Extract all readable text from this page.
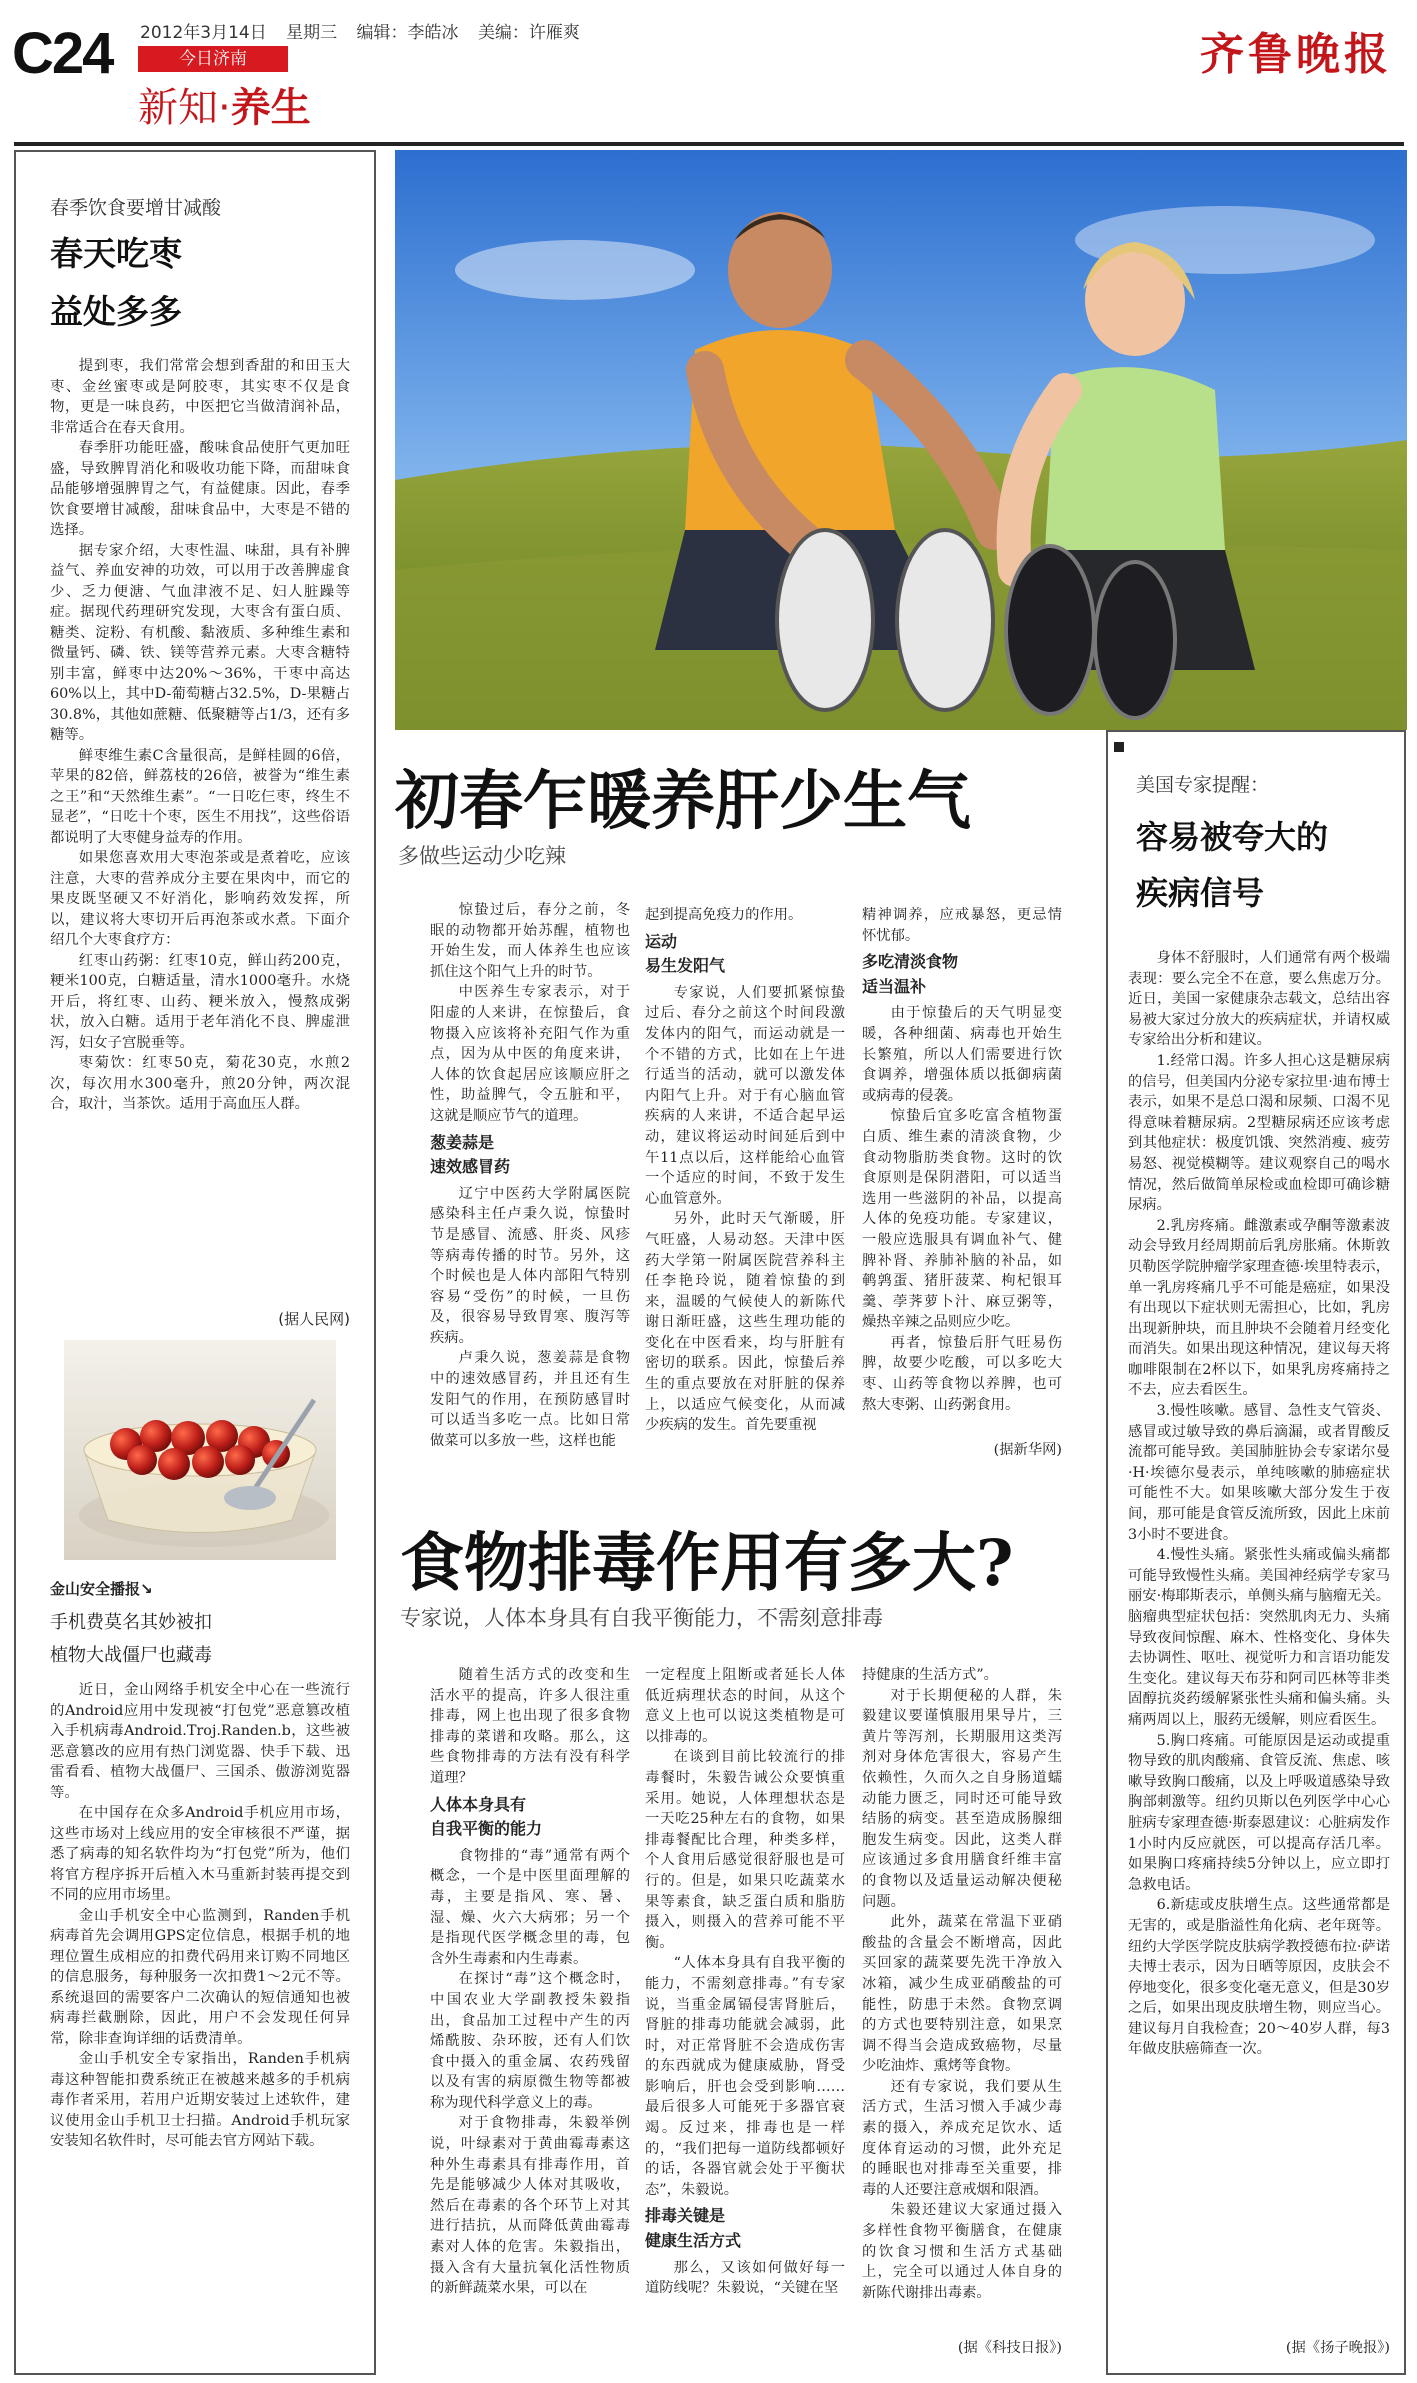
C24 2012年3月14日 星期三 编辑：李皓冰 美编：许雁爽
今日济南
新知·养生
齐鲁晚报
春季饮食要增甘减酸
春天吃枣
益处多多

提到枣，我们常常会想到香甜的和田玉大枣、金丝蜜枣或是阿胶枣，其实枣不仅是食物，更是一味良药，中医把它当做清润补品，非常适合在春天食用。

春季肝功能旺盛，酸味食品使肝气更加旺盛，导致脾胃消化和吸收功能下降，而甜味食品能够增强脾胃之气，有益健康。因此，春季饮食要增甘减酸，甜味食品中，大枣是不错的选择。

据专家介绍，大枣性温、味甜，具有补脾益气、养血安神的功效，可以用于改善脾虚食少、乏力便溏、气血津液不足、妇人脏躁等症。据现代药理研究发现，大枣含有蛋白质、糖类、淀粉、有机酸、黏液质、多种维生素和微量钙、磷、铁、镁等营养元素。大枣含糖特别丰富，鲜枣中达20%～36%，干枣中高达60%以上，其中D-葡萄糖占32.5%，D-果糖占30.8%，其他如蔗糖、低聚糖等占1/3，还有多糖等。

鲜枣维生素C含量很高，是鲜桂圆的6倍，苹果的82倍，鲜荔枝的26倍，被誉为“维生素之王”和“天然维生素”。“一日吃仨枣，终生不显老”，“日吃十个枣，医生不用找”，这些俗语都说明了大枣健身益寿的作用。

如果您喜欢用大枣泡茶或是煮着吃，应该注意，大枣的营养成分主要在果肉中，而它的果皮既坚硬又不好消化，影响药效发挥，所以，建议将大枣切开后再泡茶或水煮。下面介绍几个大枣食疗方：

红枣山药粥：红枣10克，鲜山药200克，粳米100克，白糖适量，清水1000毫升。水烧开后，将红枣、山药、粳米放入，慢熬成粥状，放入白糖。适用于老年消化不良、脾虚泄泻，妇女子宫脱垂等。

枣菊饮：红枣50克，菊花30克，水煎2次，每次用水300毫升，煎20分钟，两次混合，取汁，当茶饮。适用于高血压人群。

(据人民网)
金山安全播报↘
手机费莫名其妙被扣
植物大战僵尸也藏毒

近日，金山网络手机安全中心在一些流行的Android应用中发现被“打包党”恶意篡改植入手机病毒Android.Troj.Randen.b，这些被恶意篡改的应用有热门浏览器、快手下载、迅雷看看、植物大战僵尸、三国杀、傲游浏览器等。

在中国存在众多Android手机应用市场，这些市场对上线应用的安全审核很不严谨，据悉了病毒的知名软件均为“打包党”所为，他们将官方程序拆开后植入木马重新封装再提交到不同的应用市场里。

金山手机安全中心监测到，Randen手机病毒首先会调用GPS定位信息，根据手机的地理位置生成相应的扣费代码用来订购不同地区的信息服务，每种服务一次扣费1～2元不等。系统退回的需要客户二次确认的短信通知也被病毒拦截删除，因此，用户不会发现任何异常，除非查询详细的话费清单。

金山手机安全专家指出，Randen手机病毒这种智能扣费系统正在被越来越多的手机病毒作者采用，若用户近期安装过上述软件，建议使用金山手机卫士扫描。Android手机玩家安装知名软件时，尽可能去官方网站下载。

初春乍暖养肝少生气
多做些运动少吃辣

惊蛰过后，春分之前，冬眠的动物都开始苏醒，植物也开始生发，而人体养生也应该抓住这个阳气上升的时节。

中医养生专家表示，对于阳虚的人来讲，在惊蛰后，食物摄入应该将补充阳气作为重点，因为从中医的角度来讲，人体的饮食起居应该顺应肝之性，助益脾气，令五脏和平，这就是顺应节气的道理。

葱姜蒜是

速效感冒药

辽宁中医药大学附属医院感染科主任卢秉久说，惊蛰时节是感冒、流感、肝炎、风疹等病毒传播的时节。另外，这个时候也是人体内部阳气特别容易“受伤”的时候，一旦伤及，很容易导致胃寒、腹泻等疾病。

卢秉久说，葱姜蒜是食物中的速效感冒药，并且还有生发阳气的作用，在预防感冒时可以适当多吃一点。比如日常做菜可以多放一些，这样也能

起到提高免疫力的作用。

运动

易生发阳气

专家说，人们要抓紧惊蛰过后、春分之前这个时间段激发体内的阳气，而运动就是一个不错的方式，比如在上午进行适当的活动，就可以激发体内阳气上升。对于有心脑血管疾病的人来讲，不适合起早运动，建议将运动时间延后到中午11点以后，这样能给心血管一个适应的时间，不致于发生心血管意外。

另外，此时天气渐暖，肝气旺盛，人易动怒。天津中医药大学第一附属医院营养科主任李艳玲说，随着惊蛰的到来，温暖的气候使人的新陈代谢日渐旺盛，这些生理功能的变化在中医看来，均与肝脏有密切的联系。因此，惊蛰后养生的重点要放在对肝脏的保养上，以适应气候变化，从而减少疾病的发生。首先要重视

精神调养，应戒暴怒，更忌情怀忧郁。

多吃清淡食物

适当温补

由于惊蛰后的天气明显变暖，各种细菌、病毒也开始生长繁殖，所以人们需要进行饮食调养，增强体质以抵御病菌或病毒的侵袭。

惊蛰后宜多吃富含植物蛋白质、维生素的清淡食物，少食动物脂肪类食物。这时的饮食原则是保阴潜阳，可以适当选用一些滋阴的补品，以提高人体的免疫功能。专家建议，一般应选服具有调血补气、健脾补肾、养肺补脑的补品，如鹌鹑蛋、猪肝菠菜、枸杞银耳羹、荸荠萝卜汁、麻豆粥等，燥热辛辣之品则应少吃。

再者，惊蛰后肝气旺易伤脾，故要少吃酸，可以多吃大枣、山药等食物以养脾，也可熬大枣粥、山药粥食用。

(据新华网)
食物排毒作用有多大?
专家说，人体本身具有自我平衡能力，不需刻意排毒

随着生活方式的改变和生活水平的提高，许多人很注重排毒，网上也出现了很多食物排毒的菜谱和攻略。那么，这些食物排毒的方法有没有科学道理？

人体本身具有

自我平衡的能力

食物排的“毒”通常有两个概念，一个是中医里面理解的毒，主要是指风、寒、暑、湿、燥、火六大病邪；另一个是指现代医学概念里的毒，包含外生毒素和内生毒素。

在探讨“毒”这个概念时，中国农业大学副教授朱毅指出，食品加工过程中产生的丙烯酰胺、杂环胺，还有人们饮食中摄入的重金属、农药残留以及有害的病原微生物等都被称为现代科学意义上的毒。

对于食物排毒，朱毅举例说，叶绿素对于黄曲霉毒素这种外生毒素具有排毒作用，首先是能够减少人体对其吸收，然后在毒素的各个环节上对其进行拮抗，从而降低黄曲霉毒素对人体的危害。朱毅指出，摄入含有大量抗氧化活性物质的新鲜蔬菜水果，可以在

一定程度上阻断或者延长人体低近病理状态的时间，从这个意义上也可以说这类植物是可以排毒的。

在谈到目前比较流行的排毒餐时，朱毅告诫公众要慎重采用。她说，人体理想状态是一天吃25种左右的食物，如果排毒餐配比合理，种类多样，个人食用后感觉很舒服也是可行的。但是，如果只吃蔬菜水果等素食，缺乏蛋白质和脂肪摄入，则摄入的营养可能不平衡。

“人体本身具有自我平衡的能力，不需刻意排毒。”有专家说，当重金属镉侵害肾脏后，肾脏的排毒功能就会减弱，此时，对正常肾脏不会造成伤害的东西就成为健康威胁，肾受影响后，肝也会受到影响……最后很多人可能死于多器官衰竭。反过来，排毒也是一样的，“我们把每一道防线都顿好的话，各器官就会处于平衡状态”，朱毅说。

排毒关键是

健康生活方式

那么，又该如何做好每一道防线呢？朱毅说，“关键在坚

持健康的生活方式”。

对于长期便秘的人群，朱毅建议要谨慎服用果导片，三黄片等泻剂，长期服用这类泻剂对身体危害很大，容易产生依赖性，久而久之自身肠道蠕动能力匮乏，同时还可能导致结肠的病变。甚至造成肠腺细胞发生病变。因此，这类人群应该通过多食用膳食纤维丰富的食物以及适量运动解决便秘问题。

此外，蔬菜在常温下亚硝酸盐的含量会不断增高，因此买回家的蔬菜要先洗干净放入冰箱，减少生成亚硝酸盐的可能性，防患于未然。食物烹调的方式也要特别注意，如果烹调不得当会造成致癌物，尽量少吃油炸、熏烤等食物。

还有专家说，我们要从生活方式，生活习惯入手减少毒素的摄入，养成充足饮水、适度体育运动的习惯，此外充足的睡眠也对排毒至关重要，排毒的人还要注意戒烟和限酒。

朱毅还建议大家通过摄入多样性食物平衡膳食，在健康的饮食习惯和生活方式基础上，完全可以通过人体自身的新陈代谢排出毒素。

(据《科技日报》)
美国专家提醒：
容易被夸大的
疾病信号

身体不舒服时，人们通常有两个极端表现：要么完全不在意，要么焦虑万分。近日，美国一家健康杂志载文，总结出容易被大家过分放大的疾病症状，并请权威专家给出分析和建议。

1.经常口渴。许多人担心这是糖尿病的信号，但美国内分泌专家拉里·迪布博士表示，如果不是总口渴和尿频、口渴不见得意味着糖尿病。2型糖尿病还应该考虑到其他症状：极度饥饿、突然消瘦、疲劳易怒、视觉模糊等。建议观察自己的喝水情况，然后做简单尿检或血检即可确诊糖尿病。

2.乳房疼痛。雌激素或孕酮等激素波动会导致月经周期前后乳房胀痛。休斯敦贝勒医学院肿瘤学家理查德·埃里特表示，单一乳房疼痛几乎不可能是癌症，如果没有出现以下症状则无需担心，比如，乳房出现新肿块，而且肿块不会随着月经变化而消失。如果出现这种情况，建议每天将咖啡限制在2杯以下，如果乳房疼痛持之不去，应去看医生。

3.慢性咳嗽。感冒、急性支气管炎、感冒或过敏导致的鼻后滴漏，或者胃酸反流都可能导致。美国肺脏协会专家诺尔曼·H·埃德尔曼表示，单纯咳嗽的肺癌症状可能性不大。如果咳嗽大部分发生于夜间，那可能是食管反流所致，因此上床前3小时不要进食。

4.慢性头痛。紧张性头痛或偏头痛都可能导致慢性头痛。美国神经病学专家马丽安·梅耶斯表示，单侧头痛与脑瘤无关。脑瘤典型症状包括：突然肌肉无力、头痛导致夜间惊醒、麻木、性格变化、身体失去协调性、呕吐、视觉听力和言语功能发生变化。建议每天布芬和阿司匹林等非类固醇抗炎药缓解紧张性头痛和偏头痛。头痛两周以上，服药无缓解，则应看医生。

5.胸口疼痛。可能原因是运动或提重物导致的肌肉酸痛、食管反流、焦虑、咳嗽导致胸口酸痛，以及上呼吸道感染导致胸部刺激等。纽约贝斯以色列医学中心心脏病专家理查德·斯泰恩建议：心脏病发作1小时内反应就医，可以提高存活几率。如果胸口疼痛持续5分钟以上，应立即打急救电话。

6.新痣或皮肤增生点。这些通常都是无害的，或是脂溢性角化病、老年斑等。纽约大学医学院皮肤病学教授德布拉·萨诺夫博士表示，因为日晒等原因，皮肤会不停地变化，很多变化毫无意义，但是30岁之后，如果出现皮肤增生物，则应当心。建议每月自我检查；20～40岁人群，每3年做皮肤癌筛查一次。

(据《扬子晚报》)
